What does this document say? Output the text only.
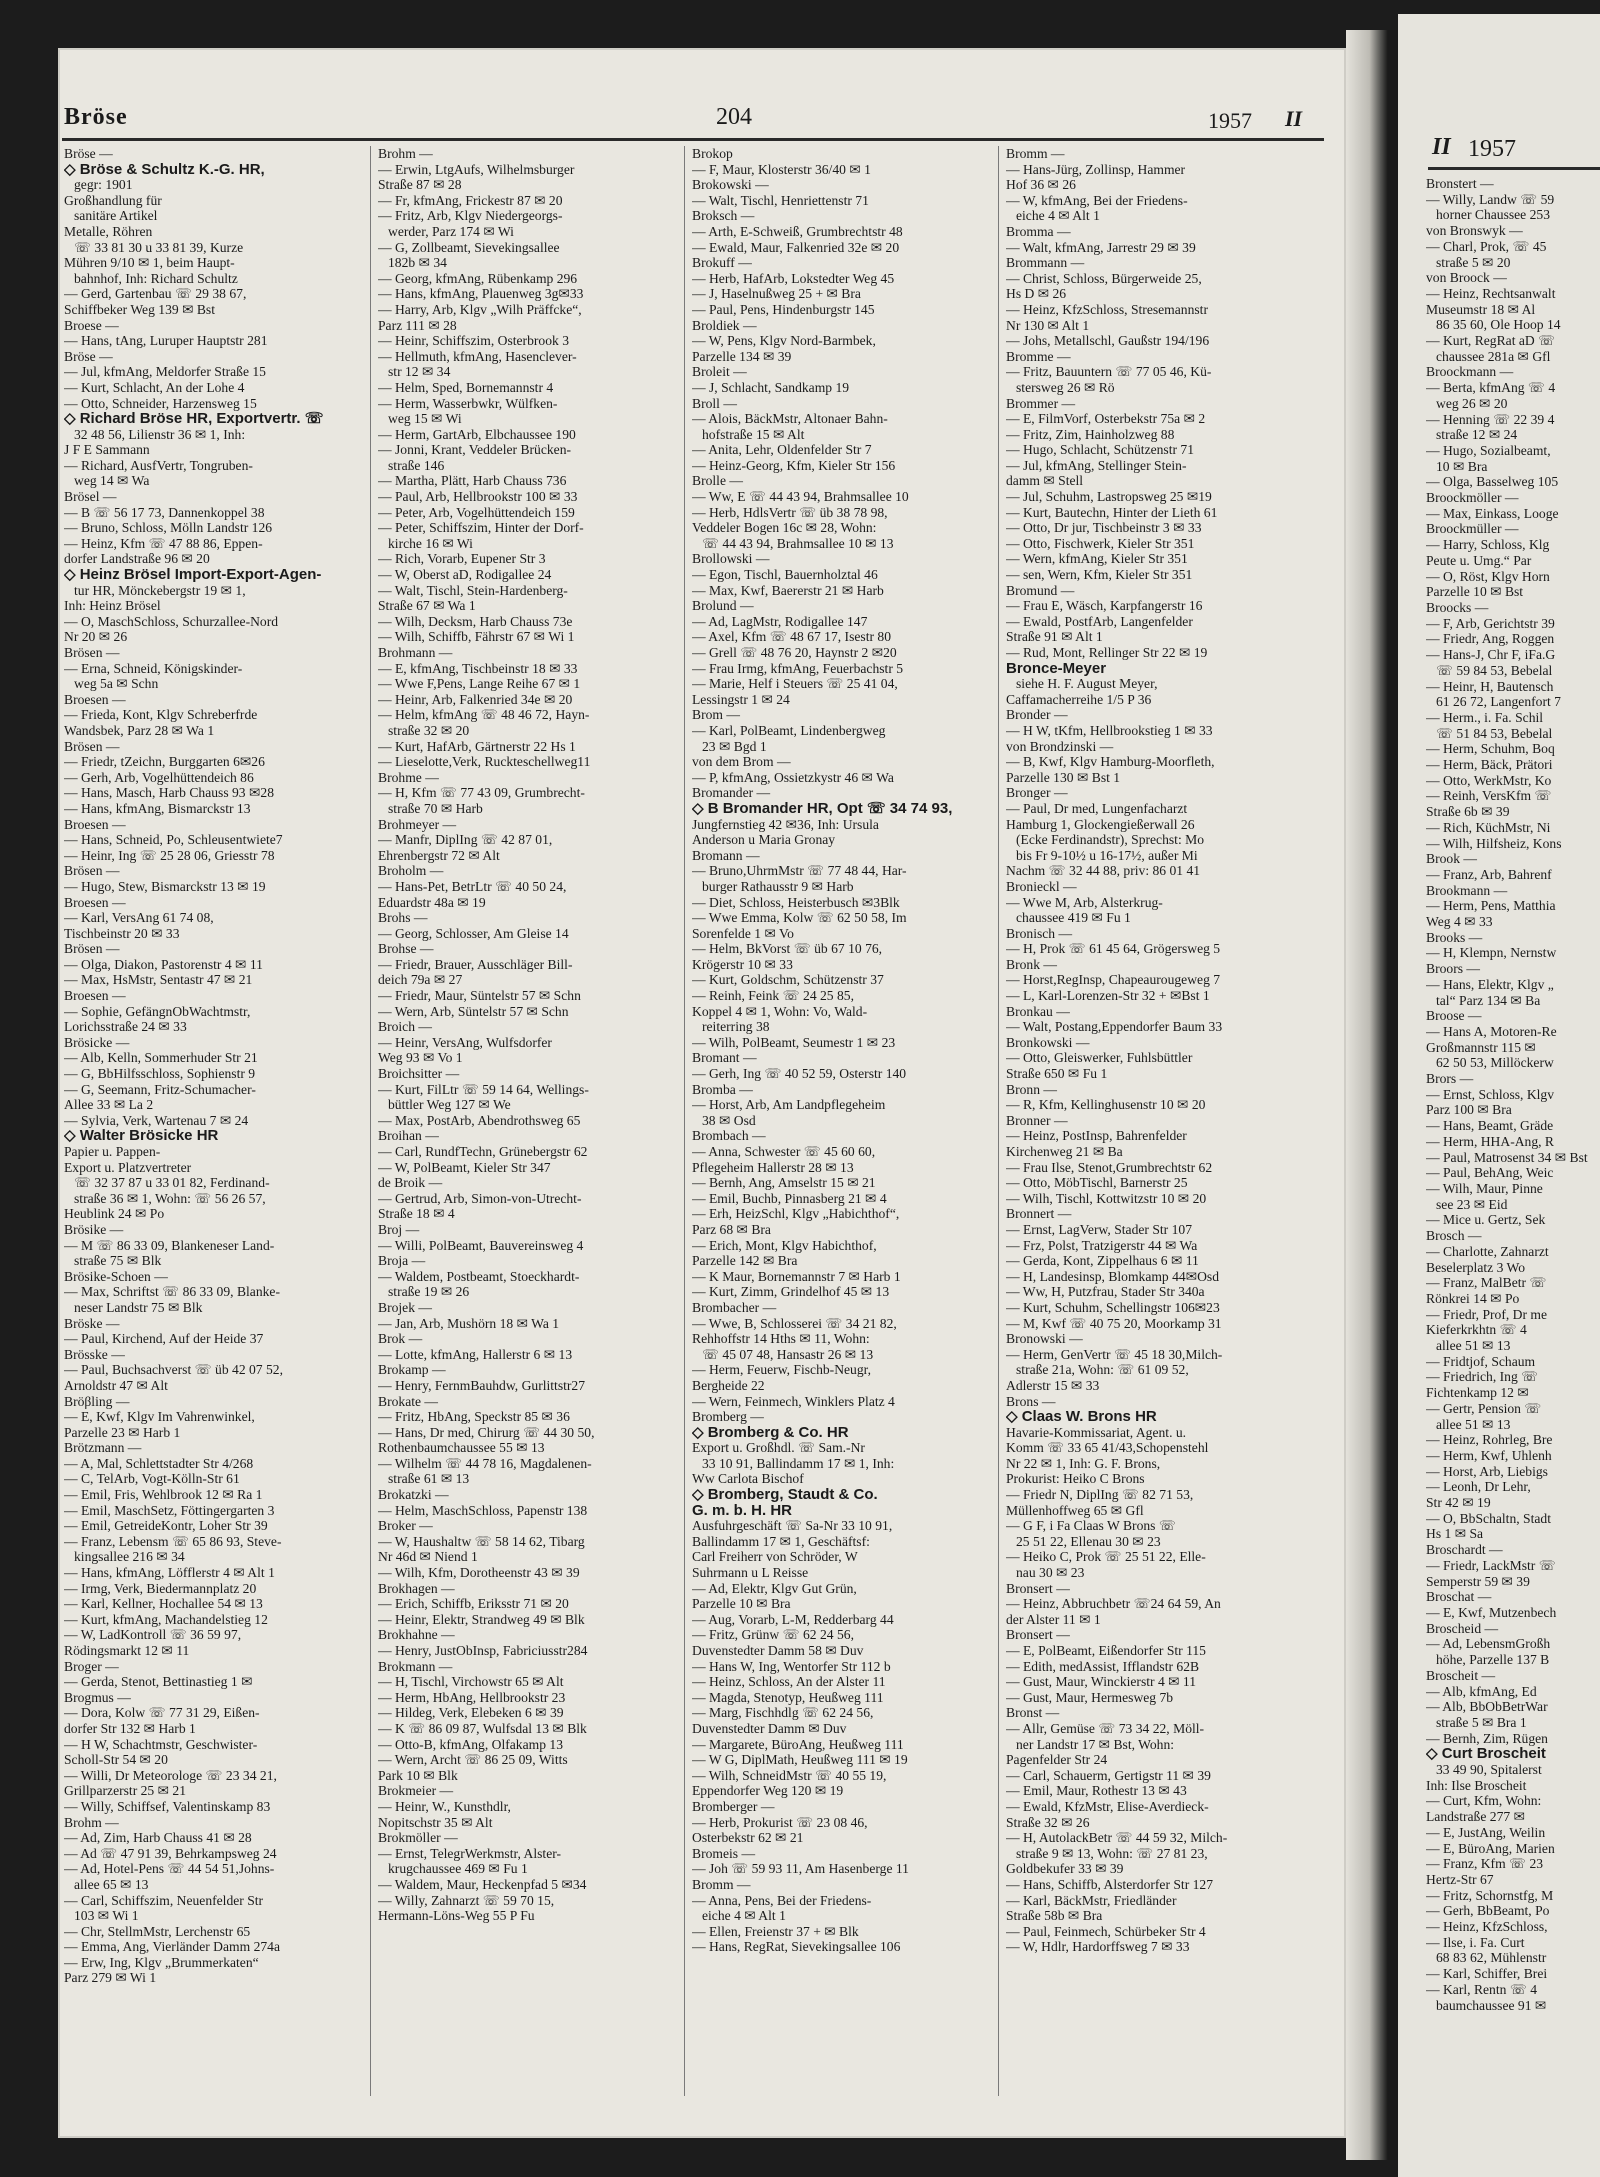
II 1957
Bronstert —
— Willy, Landw ☏ 59
horner Chaussee 253
von Bronswyk —
— Charl, Prok, ☏ 45
straße 5 ✉ 20
von Broock —
— Heinz, Rechtsanwalt
Museumstr 18 ✉ Al
86 35 60, Ole Hoop 14
— Kurt, RegRat aD ☏
chaussee 281a ✉ Gfl
Broockmann —
— Berta, kfmAng ☏ 4
weg 26 ✉ 20
— Henning ☏ 22 39 4
straße 12 ✉ 24
— Hugo, Sozialbeamt,
10 ✉ Bra
— Olga, Basselweg 105
Broockmöller —
— Max, Einkass, Looge
Broockmüller —
— Harry, Schloss, Klg
Peute u. Umg.“ Par
— O, Röst, Klgv Horn
Parzelle 10 ✉ Bst
Broocks —
— F, Arb, Gerichtstr 39
— Friedr, Ang, Roggen
— Hans-J, Chr F, iFa.G
☏ 59 84 53, Bebelal
— Heinr, H, Bautensch
61 26 72, Langenfort 7
— Herm., i. Fa. Schil
☏ 51 84 53, Bebelal
— Herm, Schuhm, Boq
— Herm, Bäck, Prätori
— Otto, WerkMstr, Ko
— Reinh, VersKfm ☏
Straße 6b ✉ 39
— Rich, KüchMstr, Ni
— Wilh, Hilfsheiz, Kons
Brook —
— Franz, Arb, Bahrenf
Brookmann —
— Herm, Pens, Matthia
Weg 4 ✉ 33
Brooks —
— H, Klempn, Nernstw
Broors —
— Hans, Elektr, Klgv „
tal“ Parz 134 ✉ Ba
Broose —
— Hans A, Motoren-Re
Großmannstr 115 ✉
62 50 53, Millöckerw
Brors —
— Ernst, Schloss, Klgv
Parz 100 ✉ Bra
— Hans, Beamt, Gräde
— Herm, HHA-Ang, R
— Paul, Matrosenst 34 ✉ Bst
— Paul, BehAng, Weic
— Wilh, Maur, Pinne
see 23 ✉ Eid
— Mice u. Gertz, Sek
Brosch —
— Charlotte, Zahnarzt
Beselerplatz 3 Wo
— Franz, MalBetr ☏
Rönkrei 14 ✉ Po
— Friedr, Prof, Dr me
Kieferkrkhtn ☏ 4
allee 51 ✉ 13
— Fridtjof, Schaum
— Friedrich, Ing ☏
Fichtenkamp 12 ✉
— Gertr, Pension ☏
allee 51 ✉ 13
— Heinz, Rohrleg, Bre
— Herm, Kwf, Uhlenh
— Horst, Arb, Liebigs
— Leonh, Dr Lehr,
Str 42 ✉ 19
— O, BbSchaltn, Stadt
Hs 1 ✉ Sa
Broschardt —
— Friedr, LackMstr ☏
Semperstr 59 ✉ 39
Broschat —
— E, Kwf, Mutzenbech
Broscheid —
— Ad, LebensmGroßh
höhe, Parzelle 137 B
Broscheit —
— Alb, kfmAng, Ed
— Alb, BbObBetrWar
straße 5 ✉ Bra 1
— Bernh, Zim, Rügen
◇ Curt Broscheit
33 49 90, Spitalerst
Inh: Ilse Broscheit
— Curt, Kfm, Wohn:
Landstraße 277 ✉
— E, JustAng, Weilin
— E, BüroAng, Marien
— Franz, Kfm ☏ 23
Hertz-Str 67
— Fritz, Schornstfg, M
— Gerh, BbBeamt, Po
— Heinz, KfzSchloss,
— Ilse, i. Fa. Curt
68 83 62, Mühlenstr
— Karl, Schiffer, Brei
— Karl, Rentn ☏ 4
baumchaussee 91 ✉
Bröse	204	1957 II
Bröse —
◇ Bröse & Schultz K.-G. HR,
gegr: 1901
Großhandlung für
sanitäre Artikel
Metalle, Röhren
☏ 33 81 30 u 33 81 39, Kurze
Mühren 9/10 ✉ 1, beim Haupt-
bahnhof, Inh: Richard Schultz
— Gerd, Gartenbau ☏ 29 38 67,
Schiffbeker Weg 139 ✉ Bst
Broese —
— Hans, tAng, Luruper Hauptstr 281
Bröse —
— Jul, kfmAng, Meldorfer Straße 15
— Kurt, Schlacht, An der Lohe 4
— Otto, Schneider, Harzensweg 15
◇ Richard Bröse HR, Exportvertr. ☏
32 48 56, Lilienstr 36 ✉ 1, Inh:
J F E Sammann
— Richard, AusfVertr, Tongruben-
weg 14 ✉ Wa
Brösel —
— B ☏ 56 17 73, Dannenkoppel 38
— Bruno, Schloss, Mölln Landstr 126
— Heinz, Kfm ☏ 47 88 86, Eppen-
dorfer Landstraße 96 ✉ 20
◇ Heinz Brösel Import-Export-Agen-
tur HR, Mönckebergstr 19 ✉ 1,
Inh: Heinz Brösel
— O, MaschSchloss, Schurzallee-Nord
Nr 20 ✉ 26
Brösen —
— Erna, Schneid, Königskinder-
weg 5a ✉ Schn
Broesen —
— Frieda, Kont, Klgv Schreberfrde
Wandsbek, Parz 28 ✉ Wa 1
Brösen —
— Friedr, tZeichn, Burggarten 6✉26
— Gerh, Arb, Vogelhüttendeich 86
— Hans, Masch, Harb Chauss 93 ✉28
— Hans, kfmAng, Bismarckstr 13
Broesen —
— Hans, Schneid, Po, Schleusentwiete7
— Heinr, Ing ☏ 25 28 06, Griesstr 78
Brösen —
— Hugo, Stew, Bismarckstr 13 ✉ 19
Broesen —
— Karl, VersAng 61 74 08,
Tischbeinstr 20 ✉ 33
Brösen —
— Olga, Diakon, Pastorenstr 4 ✉ 11
— Max, HsMstr, Sentastr 47 ✉ 21
Broesen —
— Sophie, GefängnObWachtmstr,
Lorichsstraße 24 ✉ 33
Brösicke —
— Alb, Kelln, Sommerhuder Str 21
— G, BbHilfsschloss, Sophienstr 9
— G, Seemann, Fritz-Schumacher-
Allee 33 ✉ La 2
— Sylvia, Verk, Wartenau 7 ✉ 24
◇ Walter Brösicke HR
Papier u. Pappen-
Export u. Platzvertreter
☏ 32 37 87 u 33 01 82, Ferdinand-
straße 36 ✉ 1, Wohn: ☏ 56 26 57,
Heublink 24 ✉ Po
Brösike —
— M ☏ 86 33 09, Blankeneser Land-
straße 75 ✉ Blk
Brösike-Schoen —
— Max, Schriftst ☏ 86 33 09, Blanke-
neser Landstr 75 ✉ Blk
Bröske —
— Paul, Kirchend, Auf der Heide 37
Brösske —
— Paul, Buchsachverst ☏ üb 42 07 52,
Arnoldstr 47 ✉ Alt
Bröβling —
— E, Kwf, Klgv Im Vahrenwinkel,
Parzelle 23 ✉ Harb 1
Brötzmann —
— A, Mal, Schlettstadter Str 4/268
— C, TelArb, Vogt-Kölln-Str 61
— Emil, Fris, Wehlbrook 12 ✉ Ra 1
— Emil, MaschSetz, Föttingergarten 3
— Emil, GetreideKontr, Loher Str 39
— Franz, Lebensm ☏ 65 86 93, Steve-
kingsallee 216 ✉ 34
— Hans, kfmAng, Löfflerstr 4 ✉ Alt 1
— Irmg, Verk, Biedermannplatz 20
— Karl, Kellner, Hochallee 54 ✉ 13
— Kurt, kfmAng, Machandelstieg 12
— W, LadKontroll ☏ 36 59 97,
Rödingsmarkt 12 ✉ 11
Broger —
— Gerda, Stenot, Bettinastieg 1 ✉
Brogmus —
— Dora, Kolw ☏ 77 31 29, Eißen-
dorfer Str 132 ✉ Harb 1
— H W, Schachtmstr, Geschwister-
Scholl-Str 54 ✉ 20
— Willi, Dr Meteorologe ☏ 23 34 21,
Grillparzerstr 25 ✉ 21
— Willy, Schiffsef, Valentinskamp 83
Brohm —
— Ad, Zim, Harb Chauss 41 ✉ 28
— Ad ☏ 47 91 39, Behrkampsweg 24
— Ad, Hotel-Pens ☏ 44 54 51,Johns-
allee 65 ✉ 13
— Carl, Schiffszim, Neuenfelder Str
103 ✉ Wi 1
— Chr, StellmMstr, Lerchenstr 65
— Emma, Ang, Vierländer Damm 274a
— Erw, Ing, Klgv „Brummerkaten“
Parz 279 ✉ Wi 1
Brohm —
— Erwin, LtgAufs, Wilhelmsburger
Straße 87 ✉ 28
— Fr, kfmAng, Frickestr 87 ✉ 20
— Fritz, Arb, Klgv Niedergeorgs-
werder, Parz 174 ✉ Wi
— G, Zollbeamt, Sievekingsallee
182b ✉ 34
— Georg, kfmAng, Rübenkamp 296
— Hans, kfmAng, Plauenweg 3g✉33
— Harry, Arb, Klgv „Wilh Präffcke“,
Parz 111 ✉ 28
— Heinr, Schiffszim, Osterbrook 3
— Hellmuth, kfmAng, Hasenclever-
str 12 ✉ 34
— Helm, Sped, Bornemannstr 4
— Herm, Wasserbwkr, Wülfken-
weg 15 ✉ Wi
— Herm, GartArb, Elbchaussee 190
— Jonni, Krant, Veddeler Brücken-
straße 146
— Martha, Plätt, Harb Chauss 736
— Paul, Arb, Hellbrookstr 100 ✉ 33
— Peter, Arb, Vogelhüttendeich 159
— Peter, Schiffszim, Hinter der Dorf-
kirche 16 ✉ Wi
— Rich, Vorarb, Eupener Str 3
— W, Oberst aD, Rodigallee 24
— Walt, Tischl, Stein-Hardenberg-
Straße 67 ✉ Wa 1
— Wilh, Decksm, Harb Chauss 73e
— Wilh, Schiffb, Fährstr 67 ✉ Wi 1
Brohmann —
— E, kfmAng, Tischbeinstr 18 ✉ 33
— Wwe F,Pens, Lange Reihe 67 ✉ 1
— Heinr, Arb, Falkenried 34e ✉ 20
— Helm, kfmAng ☏ 48 46 72, Hayn-
straße 32 ✉ 20
— Kurt, HafArb, Gärtnerstr 22 Hs 1
— Lieselotte,Verk, Ruckteschellweg11
Brohme —
— H, Kfm ☏ 77 43 09, Grumbrecht-
straße 70 ✉ Harb
Brohmeyer —
— Manfr, DiplIng ☏ 42 87 01,
Ehrenbergstr 72 ✉ Alt
Broholm —
— Hans-Pet, BetrLtr ☏ 40 50 24,
Eduardstr 48a ✉ 19
Brohs —
— Georg, Schlosser, Am Gleise 14
Brohse —
— Friedr, Brauer, Ausschläger Bill-
deich 79a ✉ 27
— Friedr, Maur, Süntelstr 57 ✉ Schn
— Wern, Arb, Süntelstr 57 ✉ Schn
Broich —
— Heinr, VersAng, Wulfsdorfer
Weg 93 ✉ Vo 1
Broichsitter —
— Kurt, FilLtr ☏ 59 14 64, Wellings-
büttler Weg 127 ✉ We
— Max, PostArb, Abendrothsweg 65
Broihan —
— Carl, RundfTechn, Grünebergstr 62
— W, PolBeamt, Kieler Str 347
de Broik —
— Gertrud, Arb, Simon-von-Utrecht-
Straße 18 ✉ 4
Broj —
— Willi, PolBeamt, Bauvereinsweg 4
Broja —
— Waldem, Postbeamt, Stoeckhardt-
straße 19 ✉ 26
Brojek —
— Jan, Arb, Mushörn 18 ✉ Wa 1
Brok —
— Lotte, kfmAng, Hallerstr 6 ✉ 13
Brokamp —
— Henry, FernmBauhdw, Gurlittstr27
Brokate —
— Fritz, HbAng, Speckstr 85 ✉ 36
— Hans, Dr med, Chirurg ☏ 44 30 50,
Rothenbaumchaussee 55 ✉ 13
— Wilhelm ☏ 44 78 16, Magdalenen-
straße 61 ✉ 13
Brokatzki —
— Helm, MaschSchloss, Papenstr 138
Broker —
— W, Haushaltw ☏ 58 14 62, Tibarg
Nr 46d ✉ Niend 1
— Wilh, Kfm, Dorotheenstr 43 ✉ 39
Brokhagen —
— Erich, Schiffb, Eriksstr 71 ✉ 20
— Heinr, Elektr, Strandweg 49 ✉ Blk
Brokhahne —
— Henry, JustObInsp, Fabriciusstr284
Brokmann —
— H, Tischl, Virchowstr 65 ✉ Alt
— Herm, HbAng, Hellbrookstr 23
— Hildeg, Verk, Elebeken 6 ✉ 39
— K ☏ 86 09 87, Wulfsdal 13 ✉ Blk
— Otto-B, kfmAng, Olfakamp 13
— Wern, Archt ☏ 86 25 09, Witts
Park 10 ✉ Blk
Brokmeier —
— Heinr, W., Kunsthdlr,
Nopitschstr 35 ✉ Alt
Brokmöller —
— Ernst, TelegrWerkmstr, Alster-
krugchaussee 469 ✉ Fu 1
— Waldem, Maur, Heckenpfad 5 ✉34
— Willy, Zahnarzt ☏ 59 70 15,
Hermann-Löns-Weg 55 P Fu
Brokop
— F, Maur, Klosterstr 36/40 ✉ 1
Brokowski —
— Walt, Tischl, Henriettenstr 71
Broksch —
— Arth, E-Schweiß, Grumbrechtstr 48
— Ewald, Maur, Falkenried 32e ✉ 20
Brokuff —
— Herb, HafArb, Lokstedter Weg 45
— J, Haselnußweg 25 + ✉ Bra
— Paul, Pens, Hindenburgstr 145
Broldiek —
— W, Pens, Klgv Nord-Barmbek,
Parzelle 134 ✉ 39
Broleit —
— J, Schlacht, Sandkamp 19
Broll —
— Alois, BäckMstr, Altonaer Bahn-
hofstraße 15 ✉ Alt
— Anita, Lehr, Oldenfelder Str 7
— Heinz-Georg, Kfm, Kieler Str 156
Brolle —
— Ww, E ☏ 44 43 94, Brahmsallee 10
— Herb, HdlsVertr ☏ üb 38 78 98,
Veddeler Bogen 16c ✉ 28, Wohn:
☏ 44 43 94, Brahmsallee 10 ✉ 13
Brollowski —
— Egon, Tischl, Bauernholztal 46
— Max, Kwf, Baererstr 21 ✉ Harb
Brolund —
— Ad, LagMstr, Rodigallee 147
— Axel, Kfm ☏ 48 67 17, Isestr 80
— Grell ☏ 48 76 20, Haynstr 2 ✉20
— Frau Irmg, kfmAng, Feuerbachstr 5
— Marie, Helf i Steuers ☏ 25 41 04,
Lessingstr 1 ✉ 24
Brom —
— Karl, PolBeamt, Lindenbergweg
23 ✉ Bgd 1
von dem Brom —
— P, kfmAng, Ossietzkystr 46 ✉ Wa
Bromander —
◇ B Bromander HR, Opt ☏ 34 74 93,
Jungfernstieg 42 ✉36, Inh: Ursula
Anderson u Maria Gronay
Bromann —
— Bruno,UhrmMstr ☏ 77 48 44, Har-
burger Rathausstr 9 ✉ Harb
— Diet, Schloss, Heisterbusch ✉3Blk
— Wwe Emma, Kolw ☏ 62 50 58, Im
Sorenfelde 1 ✉ Vo
— Helm, BkVorst ☏ üb 67 10 76,
Krögerstr 10 ✉ 33
— Kurt, Goldschm, Schützenstr 37
— Reinh, Feink ☏ 24 25 85,
Koppel 4 ✉ 1, Wohn: Vo, Wald-
reiterring 38
— Wilh, PolBeamt, Seumestr 1 ✉ 23
Bromant —
— Gerh, Ing ☏ 40 52 59, Osterstr 140
Bromba —
— Horst, Arb, Am Landpflegeheim
38 ✉ Osd
Brombach —
— Anna, Schwester ☏ 45 60 60,
Pflegeheim Hallerstr 28 ✉ 13
— Bernh, Ang, Amselstr 15 ✉ 21
— Emil, Buchb, Pinnasberg 21 ✉ 4
— Erh, HeizSchl, Klgv „Habichthof“,
Parz 68 ✉ Bra
— Erich, Mont, Klgv Habichthof,
Parzelle 142 ✉ Bra
— K Maur, Bornemannstr 7 ✉ Harb 1
— Kurt, Zimm, Grindelhof 45 ✉ 13
Brombacher —
— Wwe, B, Schlosserei ☏ 34 21 82,
Rehhoffstr 14 Hths ✉ 11, Wohn:
☏ 45 07 48, Hansastr 26 ✉ 13
— Herm, Feuerw, Fischb-Neugr,
Bergheide 22
— Wern, Feinmech, Winklers Platz 4
Bromberg —
◇ Bromberg & Co. HR
Export u. Großhdl. ☏ Sam.-Nr
33 10 91, Ballindamm 17 ✉ 1, Inh:
Ww Carlota Bischof
◇ Bromberg, Staudt & Co.
G. m. b. H. HR
Ausfuhrgeschäft ☏ Sa-Nr 33 10 91,
Ballindamm 17 ✉ 1, Geschäftsf:
Carl Freiherr von Schröder, W
Suhrmann u L Reisse
— Ad, Elektr, Klgv Gut Grün,
Parzelle 10 ✉ Bra
— Aug, Vorarb, L-M, Redderbarg 44
— Fritz, Grünw ☏ 62 24 56,
Duvenstedter Damm 58 ✉ Duv
— Hans W, Ing, Wentorfer Str 112 b
— Heinz, Schloss, An der Alster 11
— Magda, Stenotyp, Heußweg 111
— Marg, Fischhdlg ☏ 62 24 56,
Duvenstedter Damm ✉ Duv
— Margarete, BüroAng, Heußweg 111
— W G, DiplMath, Heußweg 111 ✉ 19
— Wilh, SchneidMstr ☏ 40 55 19,
Eppendorfer Weg 120 ✉ 19
Bromberger —
— Herb, Prokurist ☏ 23 08 46,
Osterbekstr 62 ✉ 21
Bromeis —
— Joh ☏ 59 93 11, Am Hasenberge 11
Bromm —
— Anna, Pens, Bei der Friedens-
eiche 4 ✉ Alt 1
— Ellen, Freienstr 37 + ✉ Blk
— Hans, RegRat, Sievekingsallee 106
Bromm —
— Hans-Jürg, Zollinsp, Hammer
Hof 36 ✉ 26
— W, kfmAng, Bei der Friedens-
eiche 4 ✉ Alt 1
Bromma —
— Walt, kfmAng, Jarrestr 29 ✉ 39
Brommann —
— Christ, Schloss, Bürgerweide 25,
Hs D ✉ 26
— Heinz, KfzSchloss, Stresemannstr
Nr 130 ✉ Alt 1
— Johs, Metallschl, Gaußstr 194/196
Bromme —
— Fritz, Bauuntern ☏ 77 05 46, Kü-
stersweg 26 ✉ Rö
Brommer —
— E, FilmVorf, Osterbekstr 75a ✉ 2
— Fritz, Zim, Hainholzweg 88
— Hugo, Schlacht, Schützenstr 71
— Jul, kfmAng, Stellinger Stein-
damm ✉ Stell
— Jul, Schuhm, Lastropsweg 25 ✉19
— Kurt, Bautechn, Hinter der Lieth 61
— Otto, Dr jur, Tischbeinstr 3 ✉ 33
— Otto, Fischwerk, Kieler Str 351
— Wern, kfmAng, Kieler Str 351
— sen, Wern, Kfm, Kieler Str 351
Bromund —
— Frau E, Wäsch, Karpfangerstr 16
— Ewald, PostfArb, Langenfelder
Straße 91 ✉ Alt 1
— Rud, Mont, Rellinger Str 22 ✉ 19
Bronce-Meyer
siehe H. F. August Meyer,
Caffamacherreihe 1/5 P 36
Bronder —
— H W, tKfm, Hellbrookstieg 1 ✉ 33
von Brondzinski —
— B, Kwf, Klgv Hamburg-Moorfleth,
Parzelle 130 ✉ Bst 1
Bronger —
— Paul, Dr med, Lungenfacharzt
Hamburg 1, Glockengießerwall 26
(Ecke Ferdinandstr), Sprechst: Mo
bis Fr 9-10½ u 16-17½, außer Mi
Nachm ☏ 32 44 88, priv: 86 01 41
Bronieckl —
— Wwe M, Arb, Alsterkrug-
chaussee 419 ✉ Fu 1
Bronisch —
— H, Prok ☏ 61 45 64, Grögersweg 5
Bronk —
— Horst,RegInsp, Chapeaurougeweg 7
— L, Karl-Lorenzen-Str 32 + ✉Bst 1
Bronkau —
— Walt, Postang,Eppendorfer Baum 33
Bronkowski —
— Otto, Gleiswerker, Fuhlsbüttler
Straße 650 ✉ Fu 1
Bronn —
— R, Kfm, Kellinghusenstr 10 ✉ 20
Bronner —
— Heinz, PostInsp, Bahrenfelder
Kirchenweg 21 ✉ Ba
— Frau Ilse, Stenot,Grumbrechtstr 62
— Otto, MöbTischl, Barnerstr 25
— Wilh, Tischl, Kottwitzstr 10 ✉ 20
Bronnert —
— Ernst, LagVerw, Stader Str 107
— Frz, Polst, Tratzigerstr 44 ✉ Wa
— Gerda, Kont, Zippelhaus 6 ✉ 11
— H, Landesinsp, Blomkamp 44✉Osd
— Ww, H, Putzfrau, Stader Str 340a
— Kurt, Schuhm, Schellingstr 106✉23
— M, Kwf ☏ 40 75 20, Moorkamp 31
Bronowski —
— Herm, GenVertr ☏ 45 18 30,Milch-
straße 21a, Wohn: ☏ 61 09 52,
Adlerstr 15 ✉ 33
Brons —
◇ Claas W. Brons HR
Havarie-Kommissariat, Agent. u.
Komm ☏ 33 65 41/43,Schopenstehl
Nr 22 ✉ 1, Inh: G. F. Brons,
Prokurist: Heiko C Brons
— Friedr N, DiplIng ☏ 82 71 53,
Müllenhoffweg 65 ✉ Gfl
— G F, i Fa Claas W Brons ☏
25 51 22, Ellenau 30 ✉ 23
— Heiko C, Prok ☏ 25 51 22, Elle-
nau 30 ✉ 23
Bronsert —
— Heinz, Abbruchbetr ☏24 64 59, An
der Alster 11 ✉ 1
Bronsert —
— E, PolBeamt, Eißendorfer Str 115
— Edith, medAssist, Ifflandstr 62B
— Gust, Maur, Winckierstr 4 ✉ 11
— Gust, Maur, Hermesweg 7b
Bronst —
— Allr, Gemüse ☏ 73 34 22, Möll-
ner Landstr 17 ✉ Bst, Wohn:
Pagenfelder Str 24
— Carl, Schauerm, Gertigstr 11 ✉ 39
— Emil, Maur, Rothestr 13 ✉ 43
— Ewald, KfzMstr, Elise-Averdieck-
Straße 32 ✉ 26
— H, AutolackBetr ☏ 44 59 32, Milch-
straße 9 ✉ 13, Wohn: ☏ 27 81 23,
Goldbekufer 33 ✉ 39
— Hans, Schiffb, Alsterdorfer Str 127
— Karl, BäckMstr, Friedländer
Straße 58b ✉ Bra
— Paul, Feinmech, Schürbeker Str 4
— W, Hdlr, Hardorffsweg 7 ✉ 33
